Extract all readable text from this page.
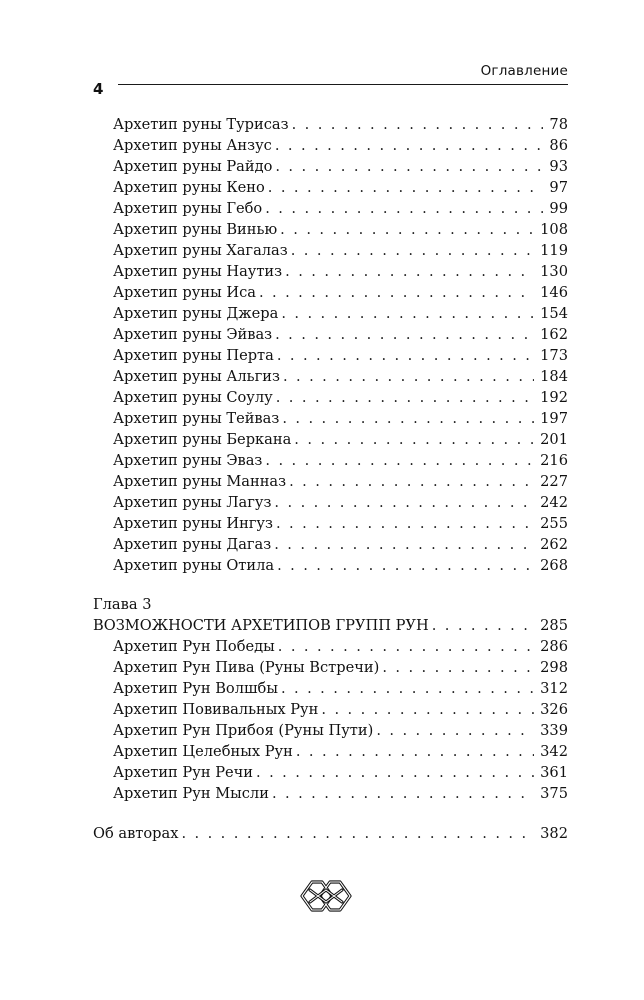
Оглавление
4
Архетип руны Турисаз . . .	78
Архетип руны Анзус . . .	86
Архетип руны Райдо . . .	93
Архетип руны Кено . . .	97
Архетип руны Гебо . . .	99
Архетип руны Винью . . .	108
Архетип руны Хагалаз . . .	119
Архетип руны Наутиз . . .	130
Архетип руны Иса . . .	146
Архетип руны Джера . . .	154
Архетип руны Эйваз . . .	162
Архетип руны Перта . . .	173
Архетип руны Альгиз . . .	184
Архетип руны Соулу . . .	192
Архетип руны Тейваз . . .	197
Архетип руны Беркана . . .	201
Архетип руны Эваз . . .	216
Архетип руны Манназ . . .	227
Архетип руны Лагуз . . .	242
Архетип руны Ингуз . . .	255
Архетип руны Дагаз . . .	262
Архетип руны Отила . . .	268
Глава 3
ВОЗМОЖНОСТИ АРХЕТИПОВ ГРУПП РУН . . .	285
Архетип Рун Победы . . .	286
Архетип Рун Пива (Руны Встречи) . . .	298
Архетип Рун Волшбы . . .	312
Архетип Повивальных Рун . . .	326
Архетип Рун Прибоя (Руны Пути) . . .	339
Архетип Целебных Рун . . .	342
Архетип Рун Речи . . .	361
Архетип Рун Мысли . . .	375
Об авторах . . .	382
